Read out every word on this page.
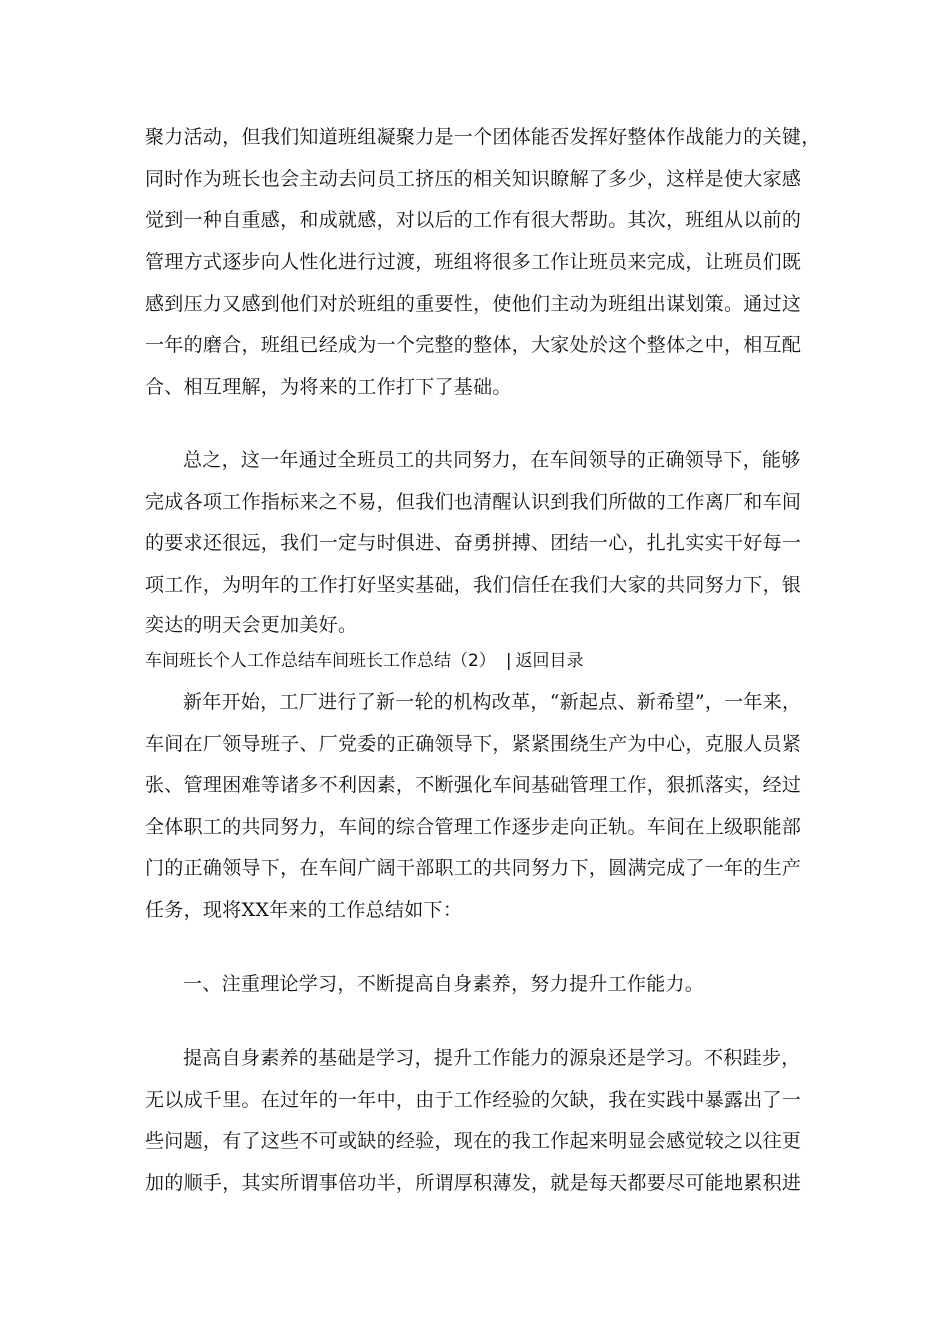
聚力活动，但我们知道班组凝聚力是一个团体能否发挥好整体作战能力的关键，
同时作为班长也会主动去问员工挤压的相关知识瞭解了多少，这样是使大家感
觉到一种自重感，和成就感，对以后的工作有很大帮助。其次，班组从以前的
管理方式逐步向人性化进行过渡，班组将很多工作让班员来完成，让班员们既
感到压力又感到他们对於班组的重要性，使他们主动为班组出谋划策。通过这
一年的磨合，班组已经成为一个完整的整体，大家处於这个整体之中，相互配
合、相互理解，为将来的工作打下了基础。
总之，这一年通过全班员工的共同努力，在车间领导的正确领导下，能够
完成各项工作指标来之不易，但我们也清醒认识到我们所做的工作离厂和车间
的要求还很远，我们一定与时俱进、奋勇拼搏、团结一心，扎扎实实干好每一
项工作，为明年的工作打好坚实基础，我们信任在我们大家的共同努力下，银
奕达的明天会更加美好。
车间班长个人工作总结车间班长工作总结（2） | 返回目录
新年开始，工厂进行了新一轮的机构改革，“新起点、新希望”，一年来，
车间在厂领导班子、厂党委的正确领导下，紧紧围绕生产为中心，克服人员紧
张、管理困难等诸多不利因素，不断强化车间基础管理工作，狠抓落实，经过
全体职工的共同努力，车间的综合管理工作逐步走向正轨。车间在上级职能部
门的正确领导下，在车间广阔干部职工的共同努力下，圆满完成了一年的生产
任务，现将XX年来的工作总结如下：
一、注重理论学习，不断提高自身素养，努力提升工作能力。
提高自身素养的基础是学习，提升工作能力的源泉还是学习。不积跬步，
无以成千里。在过年的一年中，由于工作经验的欠缺，我在实践中暴露出了一
些问题，有了这些不可或缺的经验，现在的我工作起来明显会感觉较之以往更
加的顺手，其实所谓事倍功半，所谓厚积薄发，就是每天都要尽可能地累积进
